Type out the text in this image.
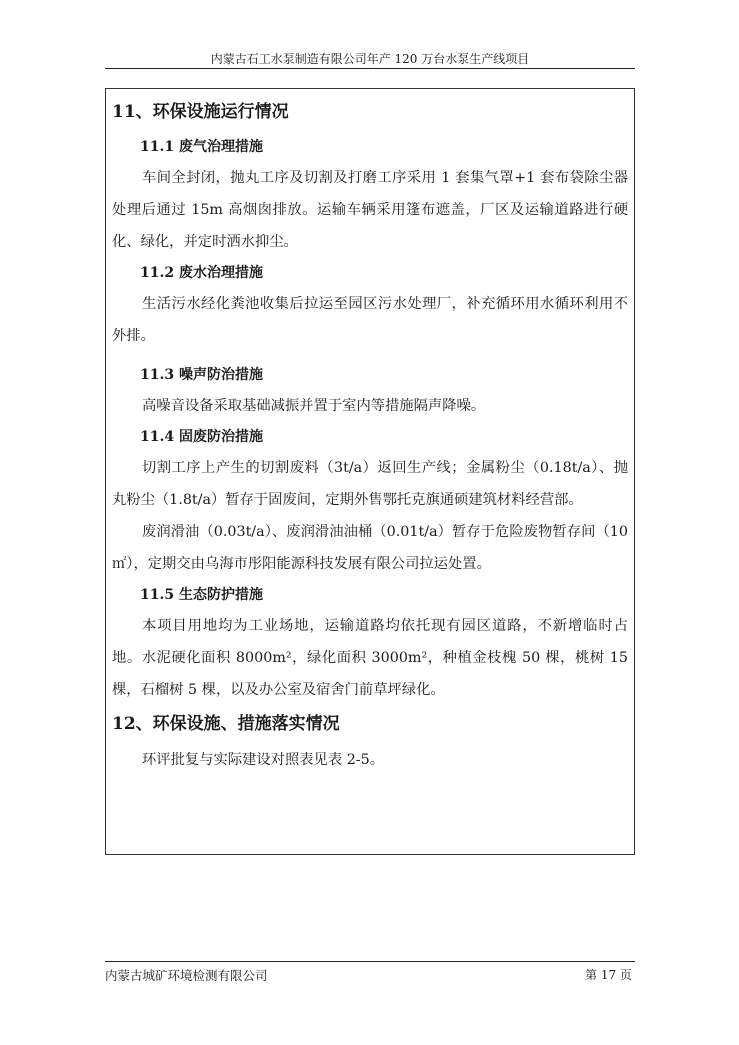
内蒙古石工水泵制造有限公司年产 120 万台水泵生产线项目
11、环保设施运行情况
11.1 废气治理措施

车间全封闭，抛丸工序及切割及打磨工序采用 1 套集气罩+1 套布袋除尘器处理后通过 15m 高烟囱排放。运输车辆采用篷布遮盖，厂区及运输道路进行硬化、绿化，并定时洒水抑尘。

11.2 废水治理措施

生活污水经化粪池收集后拉运至园区污水处理厂，补充循环用水循环利用不外排。

11.3 噪声防治措施

高噪音设备采取基础减振并置于室内等措施隔声降噪。

11.4 固废防治措施

切割工序上产生的切割废料（3t/a）返回生产线；金属粉尘（0.18t/a）、抛丸粉尘（1.8t/a）暂存于固废间，定期外售鄂托克旗通硕建筑材料经营部。

废润滑油（0.03t/a）、废润滑油油桶（0.01t/a）暂存于危险废物暂存间（10㎡），定期交由乌海市彤阳能源科技发展有限公司拉运处置。

11.5 生态防护措施

本项目用地均为工业场地，运输道路均依托现有园区道路，不新增临时占地。水泥硬化面积 8000m²，绿化面积 3000m²，种植金枝槐 50 棵，桃树 15 棵，石榴树 5 棵，以及办公室及宿舍门前草坪绿化。

12、环保设施、措施落实情况

环评批复与实际建设对照表见表 2-5。

内蒙古城矿环境检测有限公司	第 17 页
